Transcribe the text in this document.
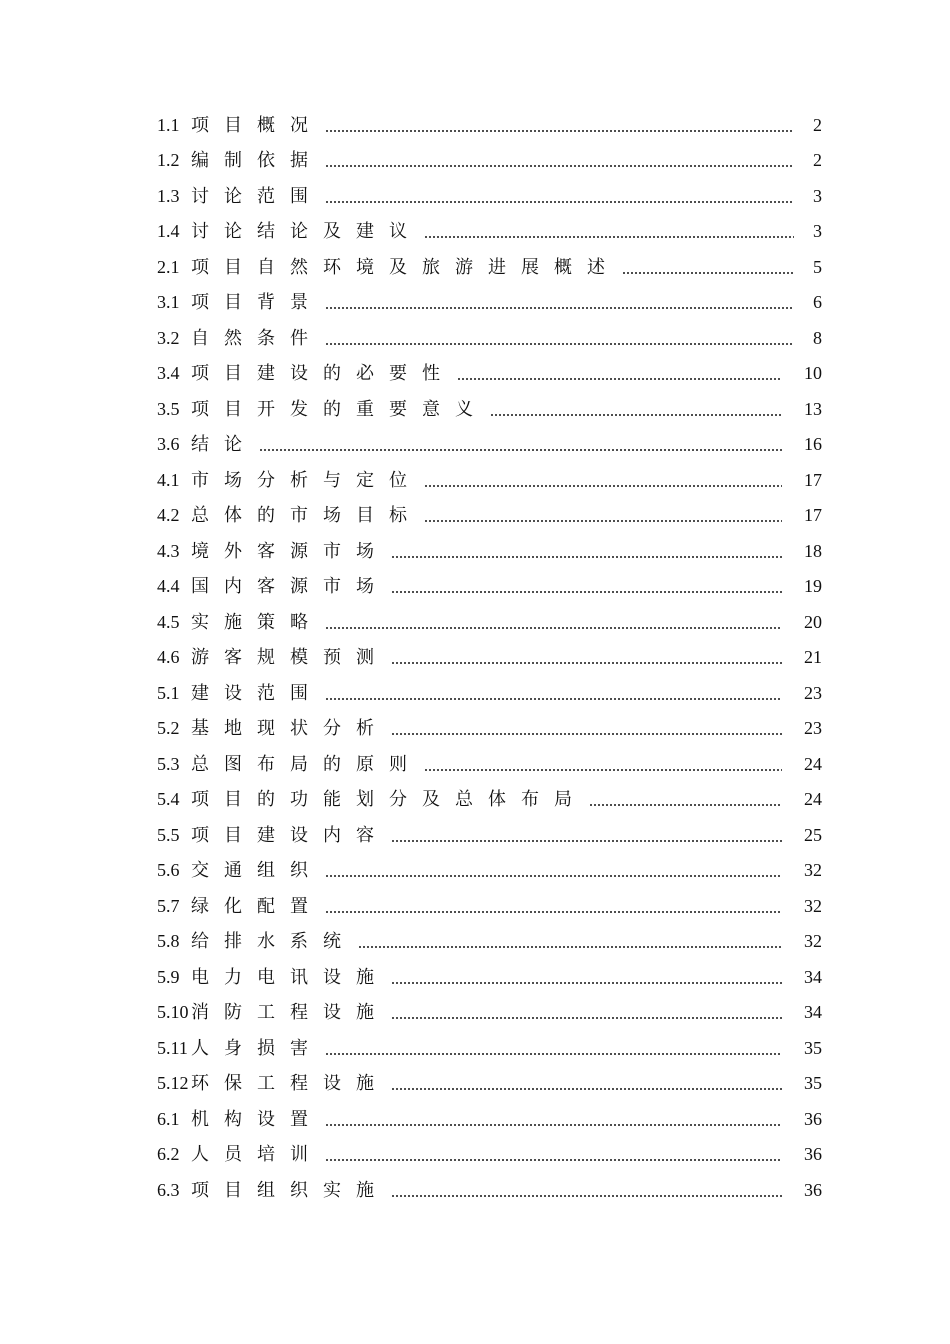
1.1 项目概况	2
1.2 编制依据	2
1.3 讨论范围	3
1.4 讨论结论及建议	3
2.1 项目自然环境及旅游进展概述	5
3.1 项目背景	6
3.2 自然条件	8
3.4 项目建设的必要性	10
3.5 项目开发的重要意义	13
3.6 结论	16
4.1 市场分析与定位	17
4.2 总体的市场目标	17
4.3 境外客源市场	18
4.4 国内客源市场	19
4.5 实施策略	20
4.6 游客规模预测	21
5.1 建设范围	23
5.2 基地现状分析	23
5.3 总图布局的原则	24
5.4 项目的功能划分及总体布局	24
5.5 项目建设内容	25
5.6 交通组织	32
5.7 绿化配置	32
5.8 给排水系统	32
5.9 电力电讯设施	34
5.10 消防工程设施	34
5.11 人身损害	35
5.12 环保工程设施	35
6.1 机构设置	36
6.2 人员培训	36
6.3 项目组织实施	36
